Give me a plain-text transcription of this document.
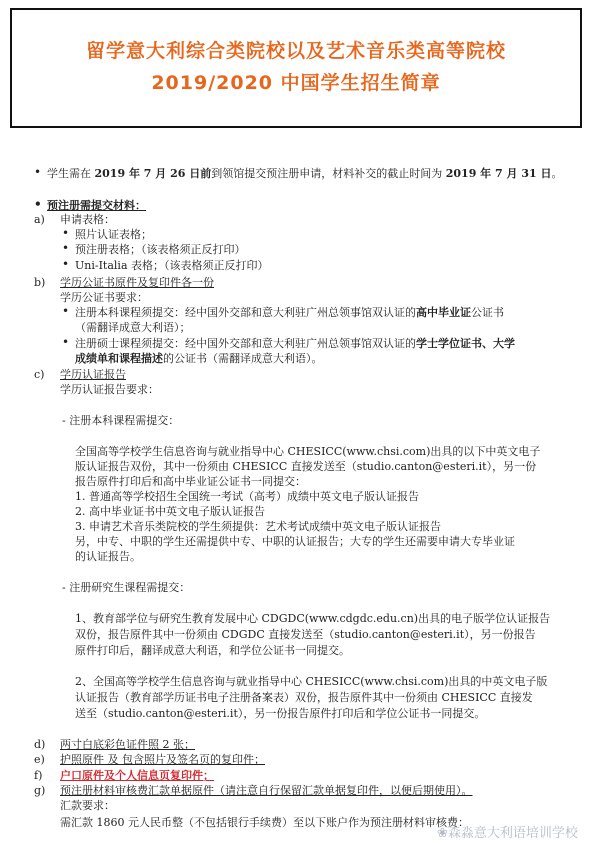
留学意大利综合类院校以及艺术音乐类高等院校
2019/2020 中国学生招生简章
• 学生需在 2019 年 7 月 26 日前到领馆提交预注册申请，材料补交的截止时间为 2019 年 7 月 31 日。
• 预注册需提交材料：
a) 申请表格：
• 照片认证表格；
• 预注册表格；（该表格须正反打印）
• Uni-Italia 表格；（该表格须正反打印）
b) 学历公证书原件及复印件各一份
学历公证书要求：
• 注册本科课程须提交：经中国外交部和意大利驻广州总领事馆双认证的高中毕业证公证书
（需翻译成意大利语）；
• 注册硕士课程须提交：经中国外交部和意大利驻广州总领事馆双认证的学士学位证书、大学
成绩单和课程描述的公证书（需翻译成意大利语）。
c) 学历认证报告
学历认证报告要求：
- 注册本科课程需提交：
全国高等学校学生信息咨询与就业指导中心 CHESICC(www.chsi.com)出具的以下中英文电子
版认证报告双份，其中一份须由 CHESICC 直接发送至（studio.canton@esteri.it），另一份
报告原件打印后和高中毕业证公证书一同提交：
1. 普通高等学校招生全国统一考试（高考）成绩中英文电子版认证报告
2. 高中毕业证书中英文电子版认证报告
3. 申请艺术音乐类院校的学生须提供：艺术考试成绩中英文电子版认证报告
另，中专、中职的学生还需提供中专、中职的认证报告；大专的学生还需要申请大专毕业证
的认证报告。
- 注册研究生课程需提交：
1、教育部学位与研究生教育发展中心 CDGDC(www.cdgdc.edu.cn)出具的电子版学位认证报告
双份，报告原件其中一份须由 CDGDC 直接发送至（studio.canton@esteri.it），另一份报告
原件打印后，翻译成意大利语，和学位公证书一同提交。
2、全国高等学校学生信息咨询与就业指导中心 CHESICC(www.chsi.com)出具的中英文电子版
认证报告（教育部学历证书电子注册备案表）双份，报告原件其中一份须由 CHESICC 直接发
送至（studio.canton@esteri.it），另一份报告原件打印后和学位公证书一同提交。
d) 两寸白底彩色证件照 2 张；
e) 护照原件 及 包含照片及签名页的复印件；
f) 户口原件及个人信息页复印件；
g) 预注册材料审核费汇款单据原件（请注意自行保留汇款单据复印件，以便后期使用）。
汇款要求：
需汇款 1860 元人民币整（不包括银行手续费）至以下账户作为预注册材料审核费：
❀森淼意大利语培训学校
